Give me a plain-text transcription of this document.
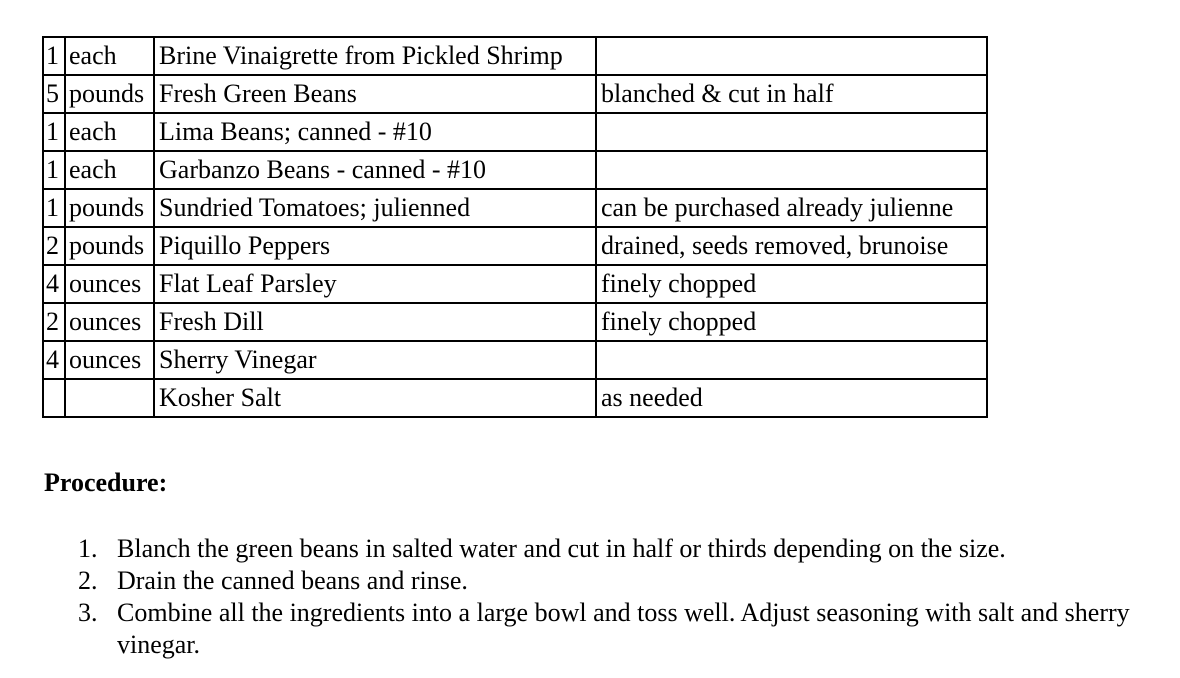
1	each	Brine Vinaigrette from Pickled Shrimp	
5	pounds	Fresh Green Beans	blanched & cut in half
1	each	Lima Beans; canned - #10	
1	each	Garbanzo Beans - canned - #10	
1	pounds	Sundried Tomatoes; julienned	can be purchased already julienne
2	pounds	Piquillo Peppers	drained, seeds removed, brunoise
4	ounces	Flat Leaf Parsley	finely chopped
2	ounces	Fresh Dill	finely chopped
4	ounces	Sherry Vinegar	
		Kosher Salt	as needed
Procedure:
1. Blanch the green beans in salted water and cut in half or thirds depending on the size.
2. Drain the canned beans and rinse.
3. Combine all the ingredients into a large bowl and toss well. Adjust seasoning with salt and sherry vinegar.
